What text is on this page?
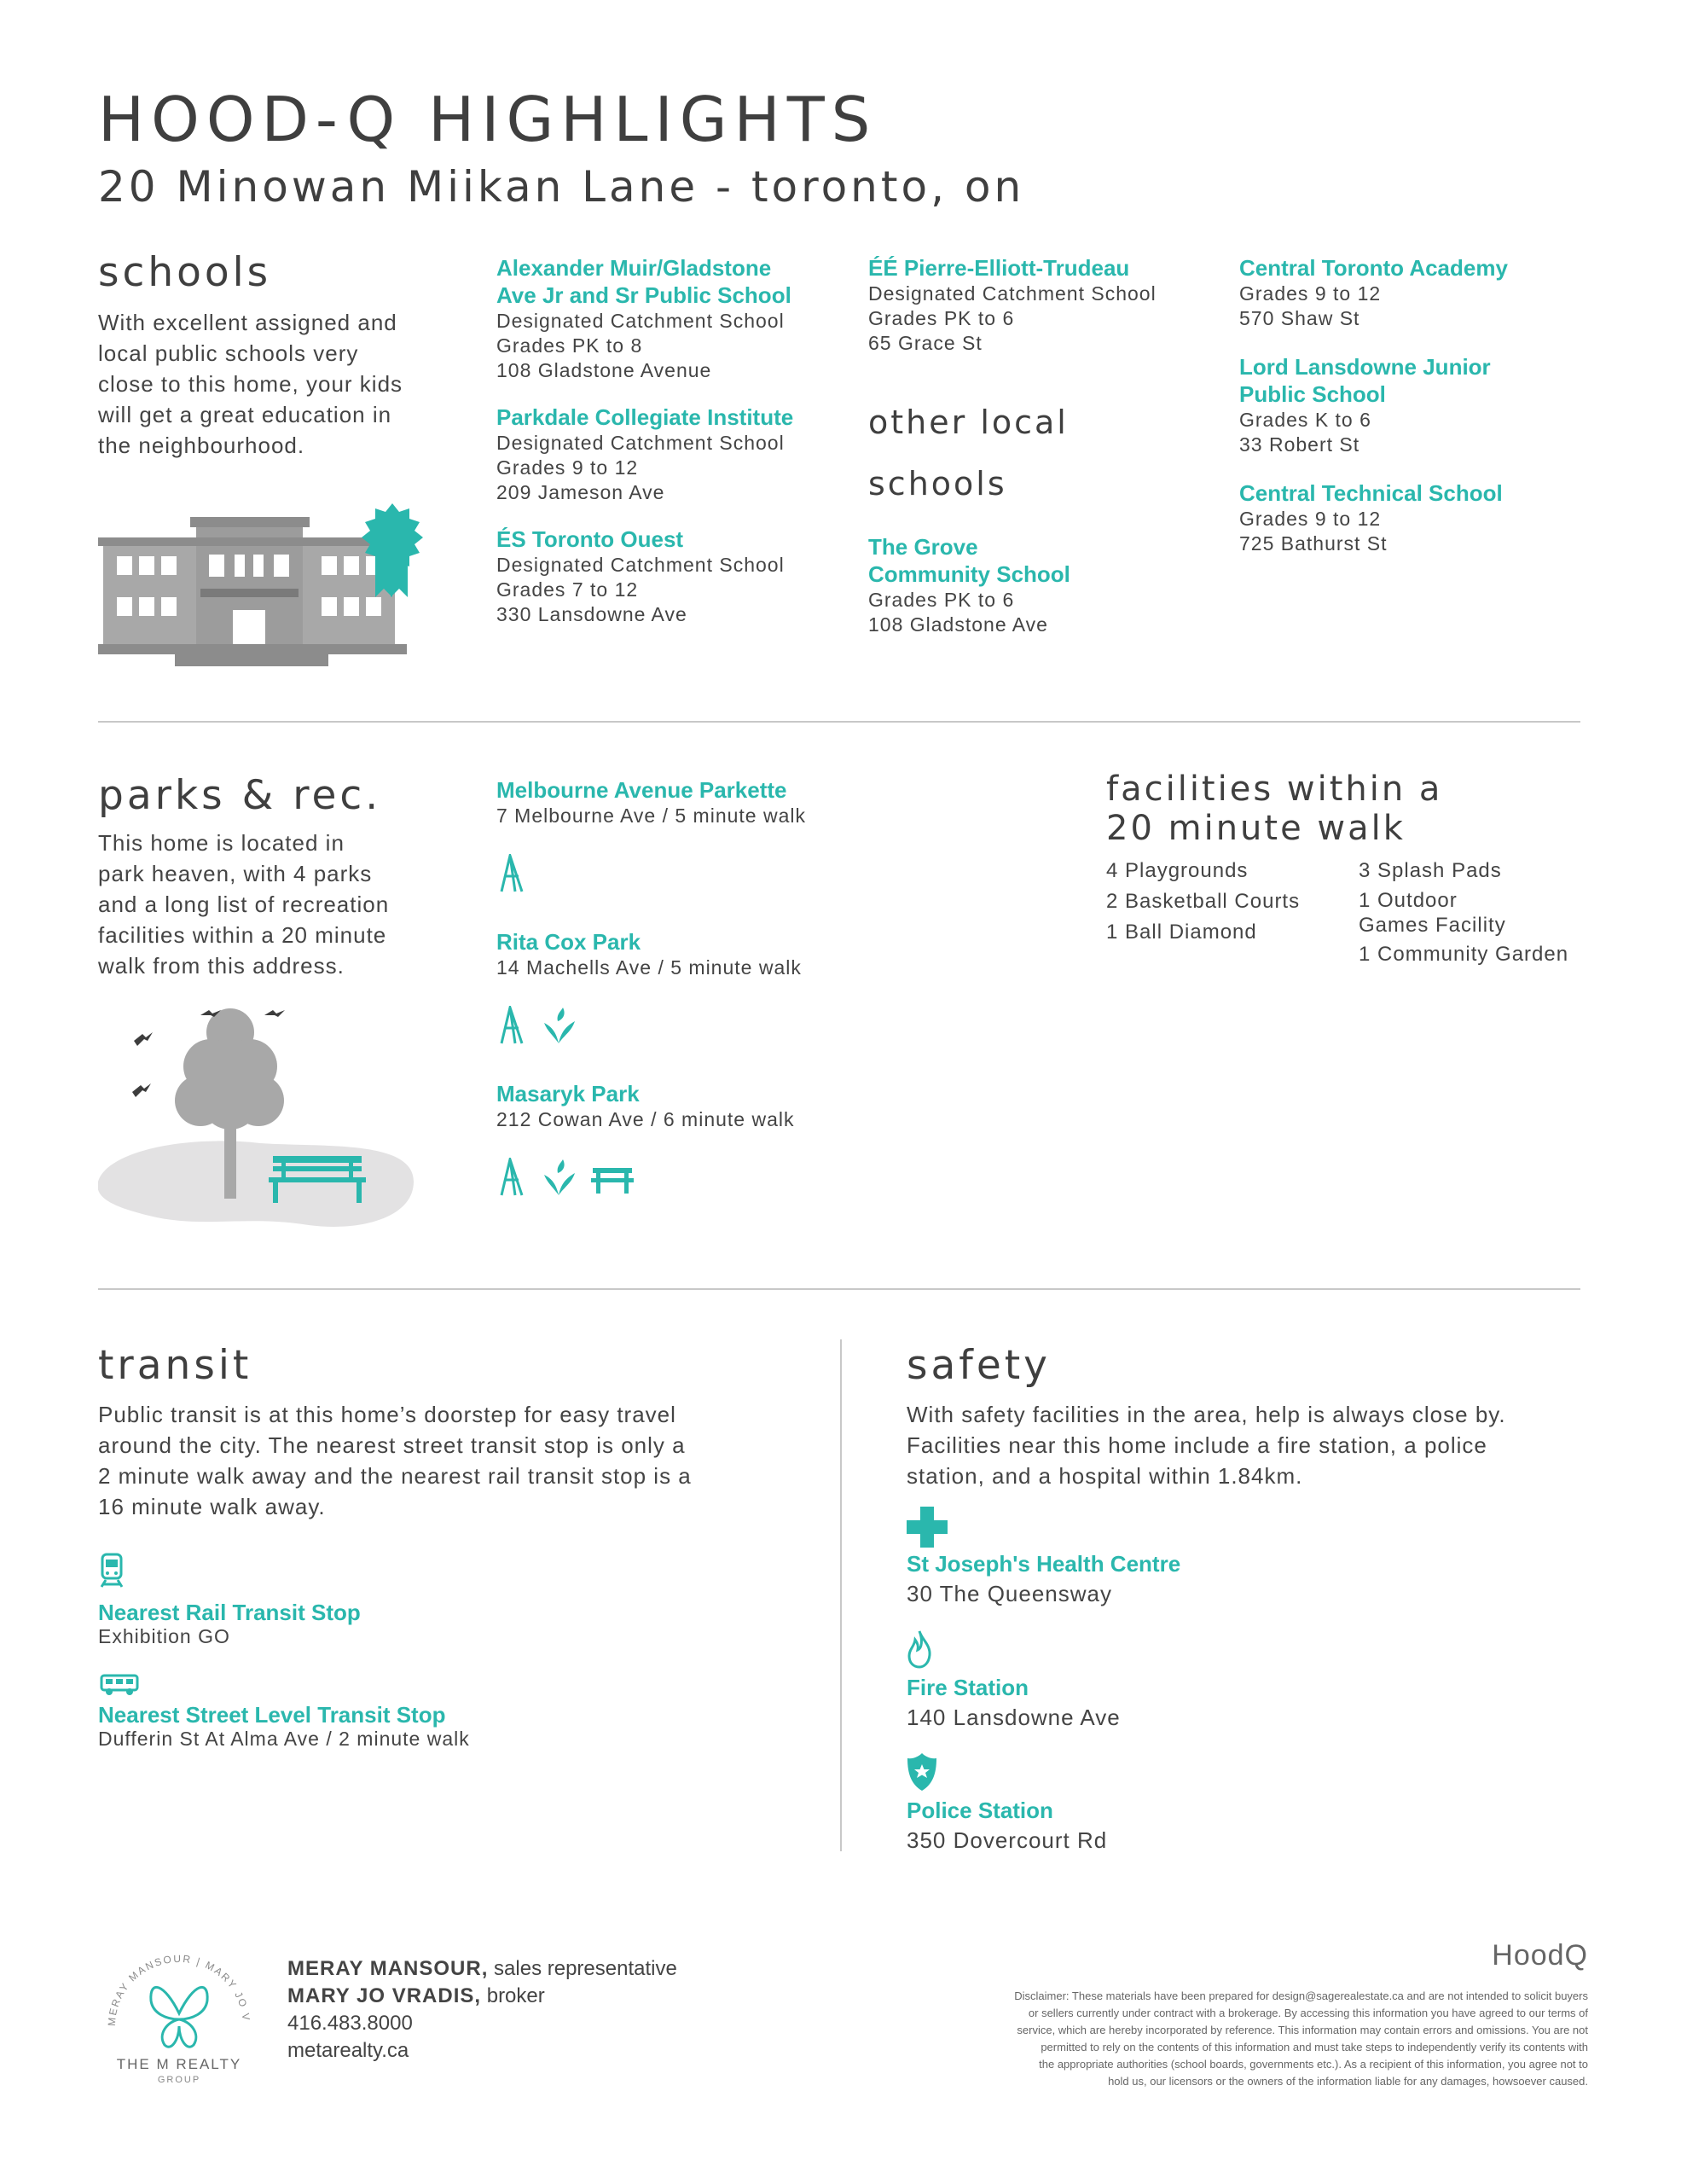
HOOD-Q HIGHLIGHTS
20 Minowan Miikan Lane - toronto, on
schools
With excellent assigned and
local public schools very
close to this home, your kids
will get a great education in
the neighbourhood.
Alexander Muir/Gladstone
Ave Jr and Sr Public School
Designated Catchment School
Grades PK to 8
108 Gladstone Avenue
Parkdale Collegiate Institute
Designated Catchment School
Grades 9 to 12
209 Jameson Ave
ÉS Toronto Ouest
Designated Catchment School
Grades 7 to 12
330 Lansdowne Ave
ÉÉ Pierre-Elliott-Trudeau
Designated Catchment School
Grades PK to 6
65 Grace St
other local
schools
The Grove
Community School
Grades PK to 6
108 Gladstone Ave
Central Toronto Academy
Grades 9 to 12
570 Shaw St
Lord Lansdowne Junior
Public School
Grades K to 6
33 Robert St
Central Technical School
Grades 9 to 12
725 Bathurst St
parks & rec.
This home is located in
park heaven, with 4 parks
and a long list of recreation
facilities within a 20 minute
walk from this address.
Melbourne Avenue Parkette
7 Melbourne Ave / 5 minute walk
Rita Cox Park
14 Machells Ave / 5 minute walk

Masaryk Park
212 Cowan Ave / 6 minute walk

facilities within a
20 minute walk
4 Playgrounds
2 Basketball Courts
1 Ball Diamond
3 Splash Pads
1 Outdoor
Games Facility
1 Community Garden
transit
Public transit is at this home’s doorstep for easy travel
around the city. The nearest street transit stop is only a
2 minute walk away and the nearest rail transit stop is a
16 minute walk away.
Nearest Rail Transit Stop
Exhibition GO
Nearest Street Level Transit Stop
Dufferin St At Alma Ave / 2 minute walk
safety
With safety facilities in the area, help is always close by.
Facilities near this home include a fire station, a police
station, and a hospital within 1.84km.
St Joseph's Health Centre
30 The Queensway
Fire Station
140 Lansdowne Ave
Police Station
350 Dovercourt Rd
MERAY MANSOUR | MARY JO V
THE M REALTY
GROUP
MERAY MANSOUR, sales representative
MARY JO VRADIS, broker
416.483.8000
metarealty.ca
HoodQ
Disclaimer: These materials have been prepared for design@sagerealestate.ca and are not intended to solicit buyers
or sellers currently under contract with a brokerage. By accessing this information you have agreed to our terms of
service, which are hereby incorporated by reference. This information may contain errors and omissions. You are not
permitted to rely on the contents of this information and must take steps to independently verify its contents with
the appropriate authorities (school boards, governments etc.). As a recipient of this information, you agree not to
hold us, our licensors or the owners of the information liable for any damages, howsoever caused.
